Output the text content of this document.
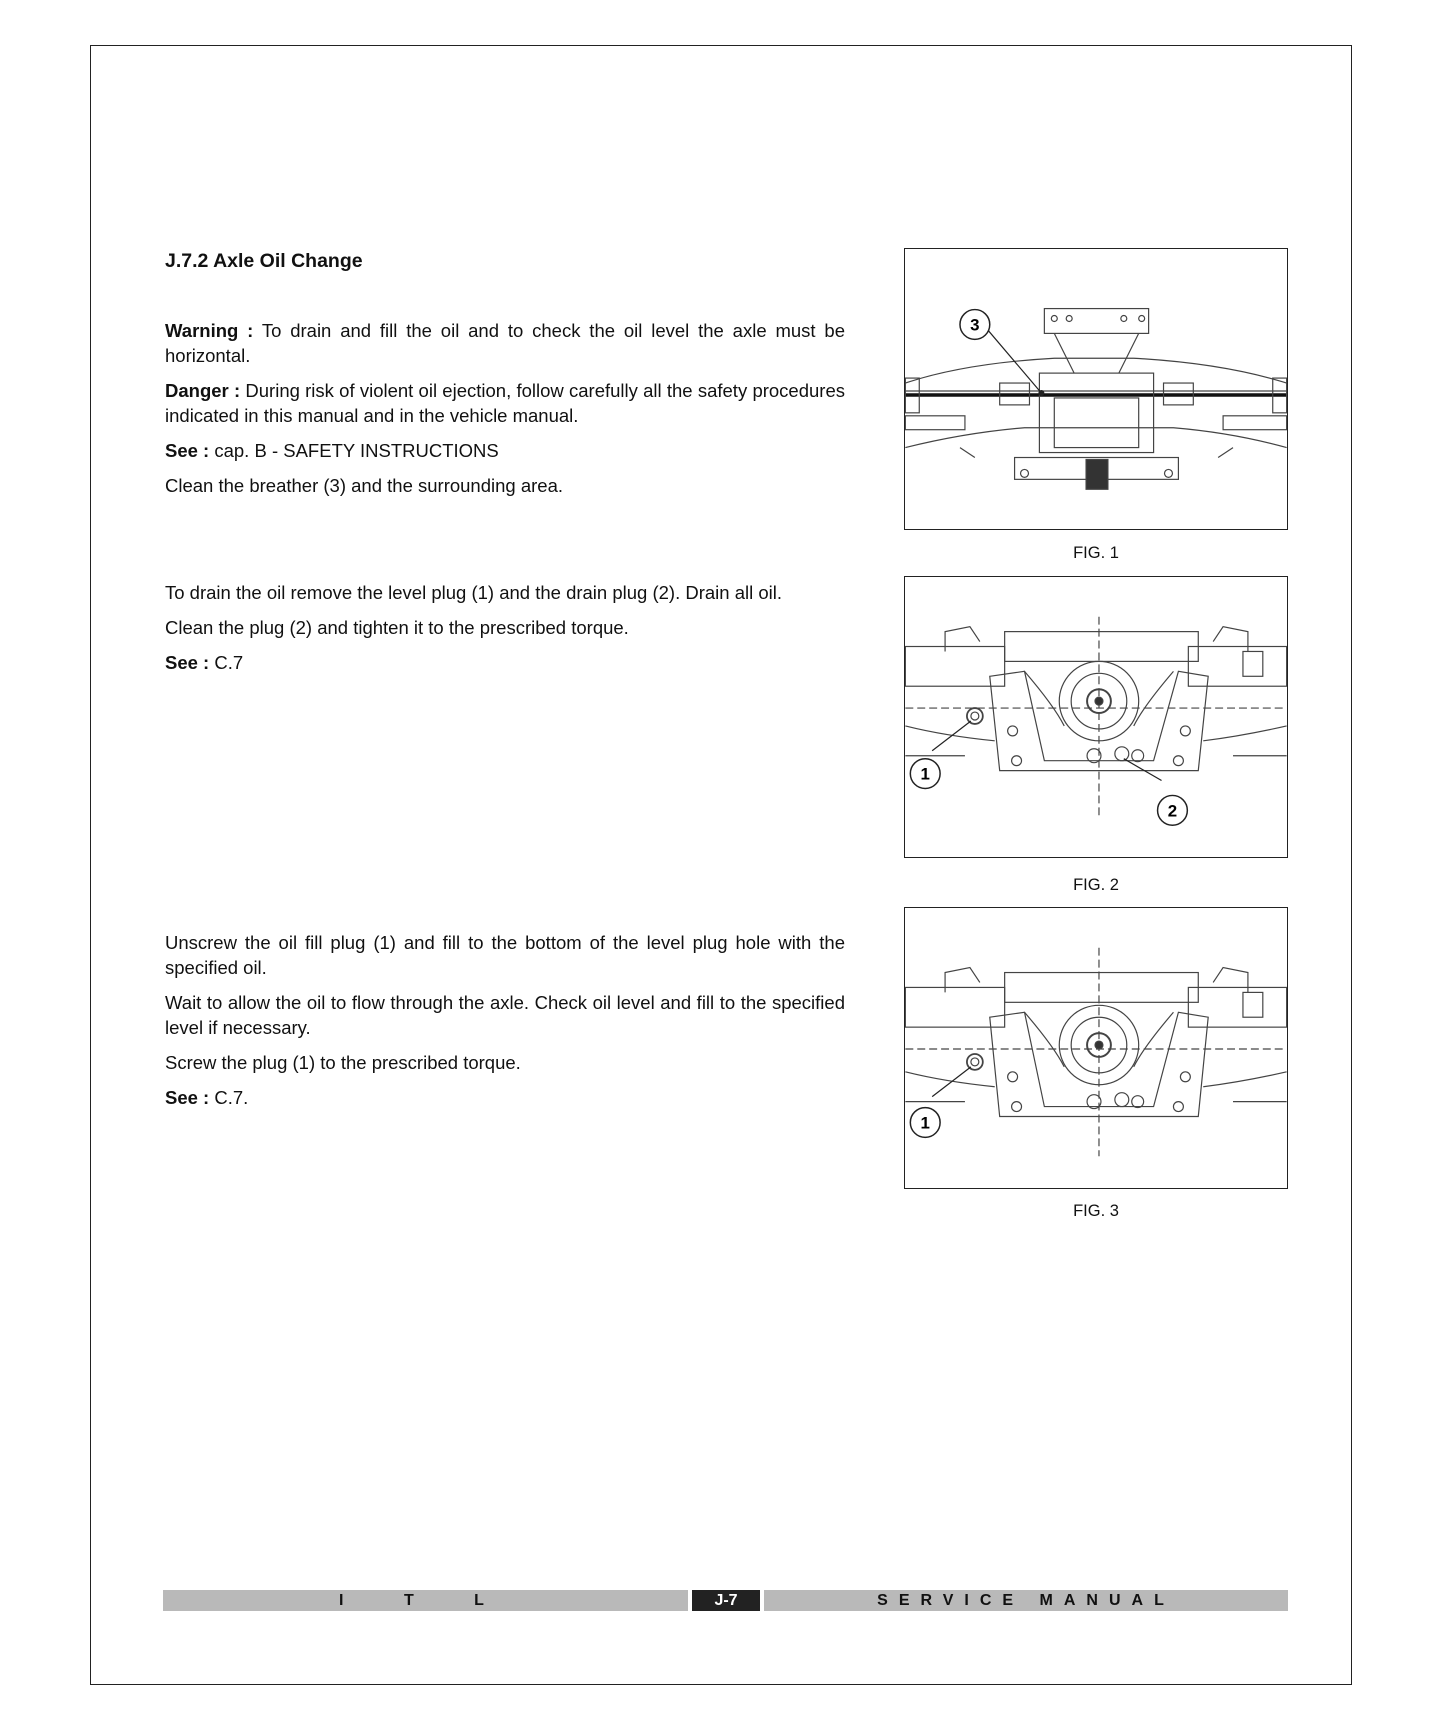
J.7.2 Axle Oil Change

Warning : To drain and fill the oil and to check the oil level the axle must be horizontal.

Danger : During risk of violent oil ejection, follow carefully all the safety procedures indicated in this manual and in the vehicle manual.

See : cap. B - SAFETY INSTRUCTIONS

Clean the breather (3) and the surrounding area.

To drain the oil remove the level plug (1) and the drain plug (2). Drain all oil.

Clean the plug (2) and tighten it to the prescribed torque.

See : C.7

Unscrew the oil fill plug (1) and fill to the bottom of the level plug hole with the specified oil.

Wait to allow the oil to flow through the axle. Check oil level and fill to the specified level if necessary.

Screw the plug (1) to the prescribed torque.

See : C.7.

3
FIG. 1
1
2
FIG. 2
1
FIG. 3
I T L	J-7	SERVICE MANUAL
